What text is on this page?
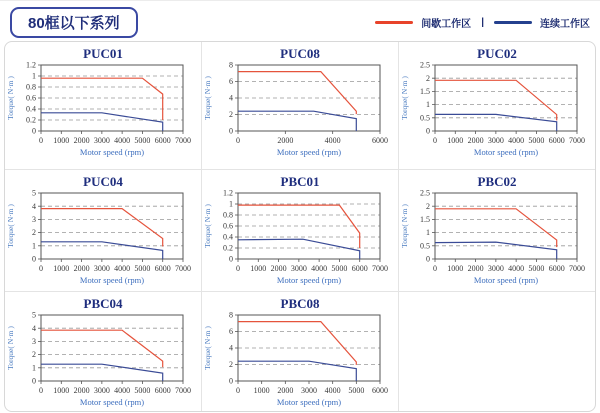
80框以下系列	间歇工作区 |	连续工作区
PUC01
0
0.2
0.4
0.6
0.8
1
1.2
0 1000 2000 3000 4000 5000 6000 7000
Motor speed (rpm)
Torque( N·m )
PUC08
0
2
4
6
8
0	2000	4000	6000
Motor speed (rpm)
Torque( N·m )
PUC02
0
0.5
1
1.5
2
2.5
0 1000 2000 3000 4000 5000 6000 7000
Motor speed (rpm)
Torque( N·m )
PUC04
0
1
2
3
4
5
0 1000 2000 3000 4000 5000 6000 7000
Motor speed (rpm)
Torque( N·m )
PBC01
0
0.2
0.4
0.6
0.8
1
1.2
0 1000 2000 3000 4000 5000 6000 7000
Motor speed (rpm)
Torque( N·m )
PBC02
0
0.5
1
1.5
2
2.5
0 1000 2000 3000 4000 5000 6000 7000
Motor speed (rpm)
Torque( N·m )
PBC04
0
1
2
3
4
5
0 1000 2000 3000 4000 5000 6000 7000
Motor speed (rpm)
Torque( N·m )
PBC08
0
2
4
6
8
0 1000 2000 3000 4000 5000 6000
Motor speed (rpm)
Torque( N·m )
